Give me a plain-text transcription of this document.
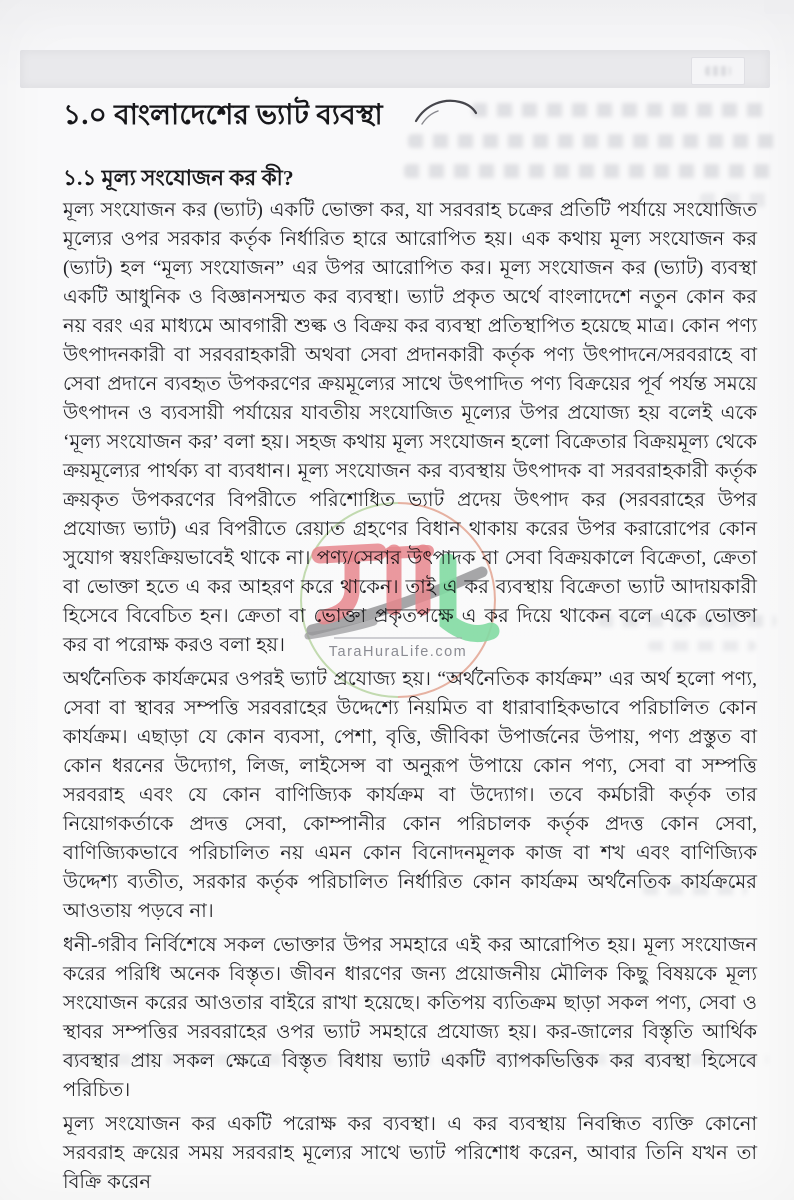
১.০ বাংলাদেশের ভ্যাট ব্যবস্থা
১.১ মূল্য সংযোজন কর কী?

মূল্য সংযোজন কর (ভ্যাট) একটি ভোক্তা কর, যা সরবরাহ চক্রের প্রতিটি পর্যায়ে সংযোজিত মূল্যের ওপর সরকার কর্তৃক নির্ধারিত হারে আরোপিত হয়। এক কথায় মূল্য সংযোজন কর (ভ্যাট) হল “মূল্য সংযোজন” এর উপর আরোপিত কর। মূল্য সংযোজন কর (ভ্যাট) ব্যবস্থা একটি আধুনিক ও বিজ্ঞানসম্মত কর ব্যবস্থা। ভ্যাট প্রকৃত অর্থে বাংলাদেশে নতুন কোন কর নয় বরং এর মাধ্যমে আবগারী শুল্ক ও বিক্রয় কর ব্যবস্থা প্রতিস্থাপিত হয়েছে মাত্র। কোন পণ্য উৎপাদনকারী বা সরবরাহকারী অথবা সেবা প্রদানকারী কর্তৃক পণ্য উৎপাদনে/সরবরাহে বা সেবা প্রদানে ব্যবহৃত উপকরণের ক্রয়মূল্যের সাথে উৎপাদিত পণ্য বিক্রয়ের পূর্ব পর্যন্ত সময়ে উৎপাদন ও ব্যবসায়ী পর্যায়ের যাবতীয় সংযোজিত মূল্যের উপর প্রযোজ্য হয় বলেই একে ‘মূল্য সংযোজন কর’ বলা হয়। সহজ কথায় মূল্য সংযোজন হলো বিক্রেতার বিক্রয়মূল্য থেকে ক্রয়মূল্যের পার্থক্য বা ব্যবধান। মূল্য সংযোজন কর ব্যবস্থায় উৎপাদক বা সরবরাহকারী কর্তৃক ক্রয়কৃত উপকরণের বিপরীতে পরিশোধিত ভ্যাট প্রদেয় উৎপাদ কর (সরবরাহের উপর প্রযোজ্য ভ্যাট) এর বিপরীতে রেয়াত গ্রহণের বিধান থাকায় করের উপর করারোপের কোন সুযোগ স্বয়ংক্রিয়ভাবেই থাকে না। পণ্য/সেবার উৎপাদক বা সেবা বিক্রয়কালে বিক্রেতা, ক্রেতা বা ভোক্তা হতে এ কর আহরণ করে থাকেন। তাই এ কর ব্যবস্থায় বিক্রেতা ভ্যাট আদায়কারী হিসেবে বিবেচিত হন। ক্রেতা বা ভোক্তা প্রকৃতপক্ষে এ কর দিয়ে থাকেন বলে একে ভোক্তা কর বা পরোক্ষ করও বলা হয়।

অর্থনৈতিক কার্যক্রমের ওপরই ভ্যাট প্রযোজ্য হয়। “অর্থনৈতিক কার্যক্রম” এর অর্থ হলো পণ্য, সেবা বা স্থাবর সম্পত্তি সরবরাহের উদ্দেশ্যে নিয়মিত বা ধারাবাহিকভাবে পরিচালিত কোন কার্যক্রম। এছাড়া যে কোন ব্যবসা, পেশা, বৃত্তি, জীবিকা উপার্জনের উপায়, পণ্য প্রস্তুত বা কোন ধরনের উদ্যোগ, লিজ, লাইসেন্স বা অনুরূপ উপায়ে কোন পণ্য, সেবা বা সম্পত্তি সরবরাহ এবং যে কোন বাণিজ্যিক কার্যক্রম বা উদ্যোগ। তবে কর্মচারী কর্তৃক তার নিয়োগকর্তাকে প্রদত্ত সেবা, কোম্পানীর কোন পরিচালক কর্তৃক প্রদত্ত কোন সেবা, বাণিজ্যিকভাবে পরিচালিত নয় এমন কোন বিনোদনমূলক কাজ বা শখ এবং বাণিজ্যিক উদ্দেশ্য ব্যতীত, সরকার কর্তৃক পরিচালিত নির্ধারিত কোন কার্যক্রম অর্থনৈতিক কার্যক্রমের আওতায় পড়বে না।

ধনী-গরীব নির্বিশেষে সকল ভোক্তার উপর সমহারে এই কর আরোপিত হয়। মূল্য সংযোজন করের পরিধি অনেক বিস্তৃত। জীবন ধারণের জন্য প্রয়োজনীয় মৌলিক কিছু বিষয়কে মূল্য সংযোজন করের আওতার বাইরে রাখা হয়েছে। কতিপয় ব্যতিক্রম ছাড়া সকল পণ্য, সেবা ও স্থাবর সম্পত্তির সরবরাহের ওপর ভ্যাট সমহারে প্রযোজ্য হয়। কর-জালের বিস্তৃতি আর্থিক ব্যবস্থার প্রায় সকল ক্ষেত্রে বিস্তৃত বিধায় ভ্যাট একটি ব্যাপকভিত্তিক কর ব্যবস্থা হিসেবে পরিচিত।

মূল্য সংযোজন কর একটি পরোক্ষ কর ব্যবস্থা। এ কর ব্যবস্থায় নিবন্ধিত ব্যক্তি কোনো সরবরাহ ক্রয়ের সময় সরবরাহ মূল্যের সাথে ভ্যাট পরিশোধ করেন, আবার তিনি যখন তা বিক্রি করেন

TaraHuraLife.com
